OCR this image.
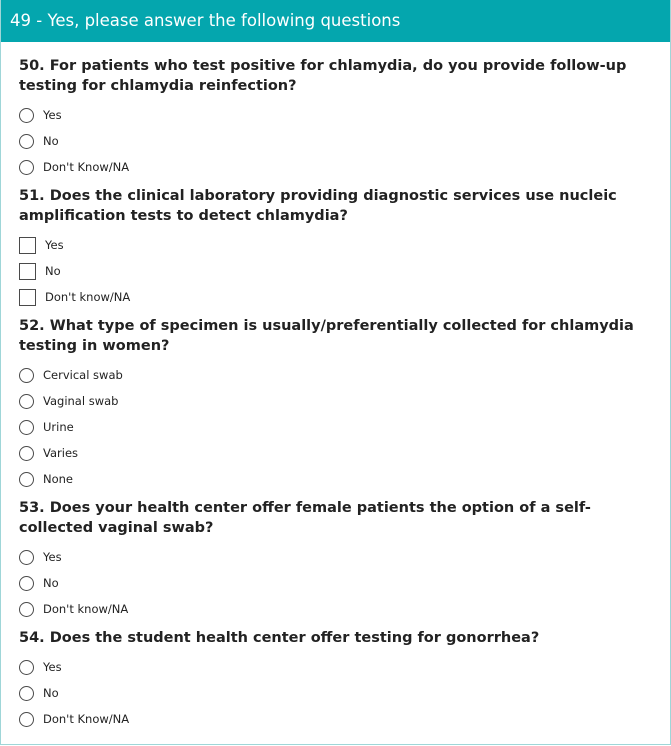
49 - Yes, please answer the following questions
50. For patients who test positive for chlamydia, do you provide follow-up testing for chlamydia reinfection?
Yes
No
Don't Know/NA
51. Does the clinical laboratory providing diagnostic services use nucleic amplification tests to detect chlamydia?
Yes
No
Don't know/NA
52. What type of specimen is usually/preferentially collected for chlamydia testing in women?
Cervical swab
Vaginal swab
Urine
Varies
None
53. Does your health center offer female patients the option of a self-collected vaginal swab?
Yes
No
Don't know/NA
54. Does the student health center offer testing for gonorrhea?
Yes
No
Don't Know/NA
